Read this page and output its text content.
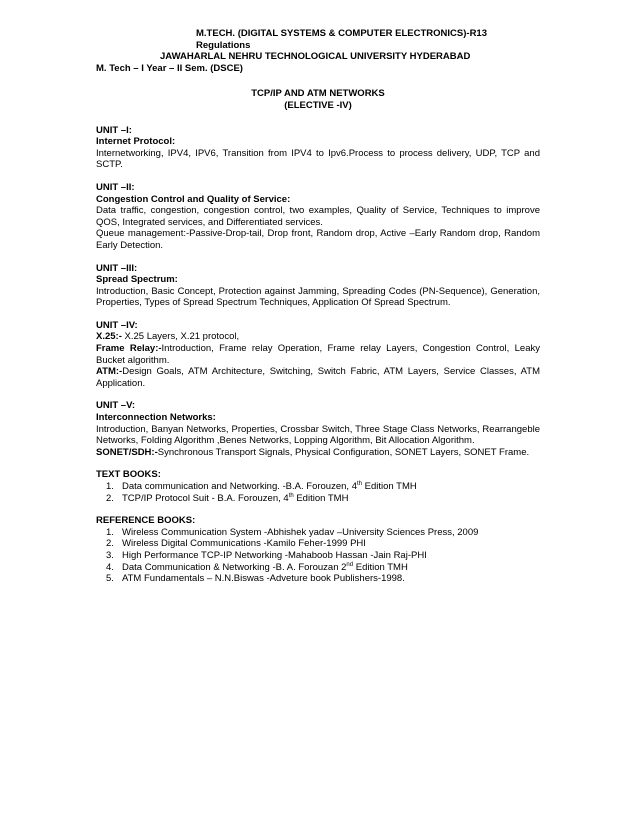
M.TECH. (DIGITAL SYSTEMS & COMPUTER ELECTRONICS)-R13 Regulations
JAWAHARLAL NEHRU TECHNOLOGICAL UNIVERSITY HYDERABAD
M. Tech – I Year – II Sem. (DSCE)
TCP/IP AND ATM NETWORKS
(ELECTIVE -IV)
UNIT –I:
Internet Protocol:
Internetworking, IPV4, IPV6, Transition from IPV4 to Ipv6.Process to process delivery, UDP, TCP and SCTP.
UNIT –II:
Congestion Control and Quality of Service:
Data traffic, congestion, congestion control, two examples, Quality of Service, Techniques to improve QOS, Integrated services, and Differentiated services.
Queue management:-Passive-Drop-tail, Drop front, Random drop, Active –Early Random drop, Random Early Detection.
UNIT –III:
Spread Spectrum:
Introduction, Basic Concept, Protection against Jamming, Spreading Codes (PN-Sequence), Generation, Properties, Types of Spread Spectrum Techniques, Application Of Spread Spectrum.
UNIT –IV:
X.25:- X.25 Layers, X.21 protocol,
Frame Relay:-Introduction, Frame relay Operation, Frame relay Layers, Congestion Control, Leaky Bucket algorithm.
ATM:-Design Goals, ATM Architecture, Switching, Switch Fabric, ATM Layers, Service Classes, ATM Application.
UNIT –V:
Interconnection Networks:
Introduction, Banyan Networks, Properties, Crossbar Switch, Three Stage Class Networks, Rearrangeble Networks, Folding Algorithm ,Benes Networks, Lopping Algorithm, Bit Allocation Algorithm.
SONET/SDH:-Synchronous Transport Signals, Physical Configuration, SONET Layers, SONET Frame.
TEXT BOOKS:
1. Data communication and Networking. -B.A. Forouzen, 4th Edition TMH
2. TCP/IP Protocol Suit - B.A. Forouzen, 4th Edition TMH
REFERENCE BOOKS:
1. Wireless Communication System -Abhishek yadav –University Sciences Press, 2009
2. Wireless Digital Communications -Kamilo Feher-1999 PHI
3. High Performance TCP-IP Networking -Mahaboob Hassan -Jain Raj-PHI
4. Data Communication & Networking -B. A. Forouzan 2nd Edition TMH
5. ATM Fundamentals – N.N.Biswas -Adveture book Publishers-1998.
